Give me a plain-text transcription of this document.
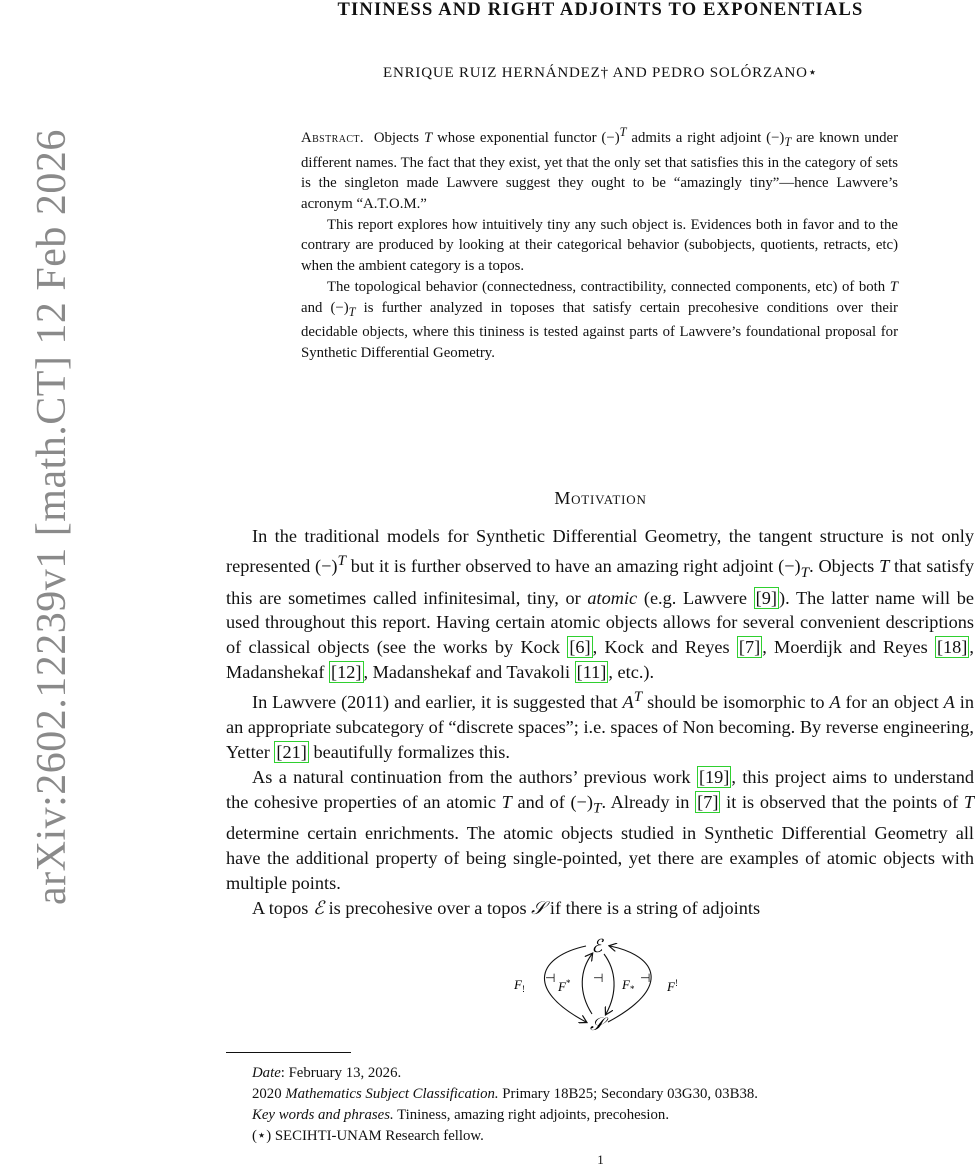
arXiv:2602.12239v1 [math.CT] 12 Feb 2026
TININESS AND RIGHT ADJOINTS TO EXPONENTIALS
ENRIQUE RUIZ HERNÁNDEZ† AND PEDRO SOLÓRZANO⋆

Abstract. Objects T whose exponential functor $(-)^T$ admits a right adjoint $(-)_T$ are known under different names. The fact that they exist, yet that the only set that satisfies this in the category of sets is the singleton made Lawvere suggest they ought to be “amazingly tiny”—hence Lawvere’s acronym “A.T.O.M.”

This report explores how intuitively tiny any such object is. Evidences both in favor and to the contrary are produced by looking at their categorical behavior (subobjects, quotients, retracts, etc) when the ambient category is a topos.

The topological behavior (connectedness, contractibility, connected components, etc) of both T and $(-)_T$ is further analyzed in toposes that satisfy certain precohesive conditions over their decidable objects, where this tininess is tested against parts of Lawvere’s foundational proposal for Synthetic Differential Geometry.

Motivation

In the traditional models for Synthetic Differential Geometry, the tangent structure is not only represented $(-)^T$ but it is further observed to have an amazing right adjoint $(-)_T$. Objects T that satisfy this are sometimes called infinitesimal, tiny, or atomic (e.g. Lawvere [9] ). The latter name will be used throughout this report. Having certain atomic objects allows for several convenient descriptions of classical objects (see the works by Kock [6] , Kock and Reyes [7] , Moerdijk and Reyes [18] , Madanshekaf [12] , Madanshekaf and Tavakoli [11] , etc.).

In Lawvere (2011) and earlier, it is suggested that $A^T$ should be isomorphic to A for an object A in an appropriate subcategory of “discrete spaces”; i.e. spaces of Non becoming. By reverse engineering, Yetter [21] beautifully formalizes this.

As a natural continuation from the authors’ previous work [19] , this project aims to understand the cohesive properties of an atomic T and of $(-)_T$. Already in [7] it is observed that the points of T determine certain enrichments. The atomic objects studied in Synthetic Differential Geometry all have the additional property of being single-pointed, yet there are examples of atomic objects with multiple points.

A topos ℰ is precohesive over a topos 𝒮 if there is a string of adjoints

ℰ
𝒮
$F_!$
⊣
F* ⊣ $F_*$
⊣
F!
Date: February 13, 2026.
2020 Mathematics Subject Classification. Primary 18B25; Secondary 03G30, 03B38.
Key words and phrases. Tininess, amazing right adjoints, precohesion.
(⋆) SECIHTI-UNAM Research fellow.
1
